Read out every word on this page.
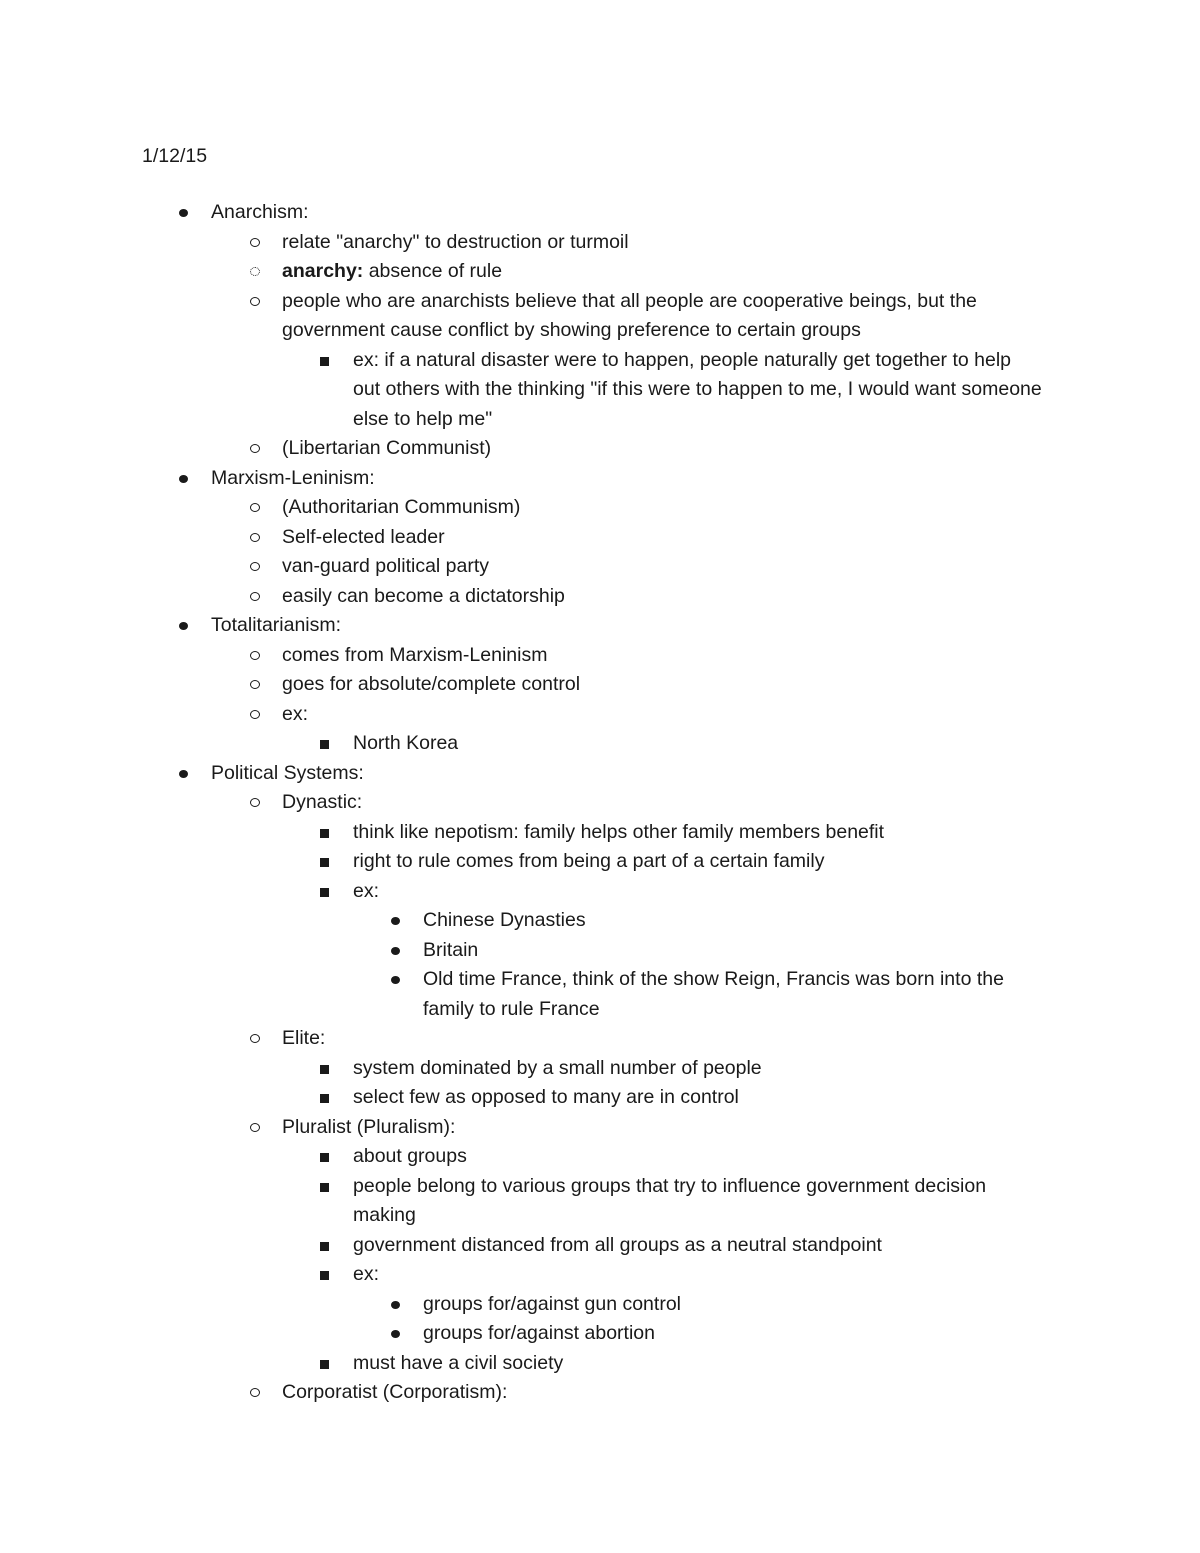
1/12/15
Anarchism:
relate "anarchy" to destruction or turmoil
anarchy: absence of rule
people who are anarchists believe that all people are cooperative beings, but the government cause conflict by showing preference to certain groups
ex: if a natural disaster were to happen, people naturally get together to help out others with the thinking "if this were to happen to me, I would want someone else to help me"
(Libertarian Communist)
Marxism-Leninism:
(Authoritarian Communism)
Self-elected leader
van-guard political party
easily can become a dictatorship
Totalitarianism:
comes from Marxism-Leninism
goes for absolute/complete control
ex:
North Korea
Political Systems:
Dynastic:
think like nepotism: family helps other family members benefit
right to rule comes from being a part of a certain family
ex:
Chinese Dynasties
Britain
Old time France, think of the show Reign, Francis was born into the family to rule France
Elite:
system dominated by a small number of people
select few as opposed to many are in control
Pluralist (Pluralism):
about groups
people belong to various groups that try to influence government decision making
government distanced from all groups as a neutral standpoint
ex:
groups for/against gun control
groups for/against abortion
must have a civil society
Corporatist (Corporatism):
